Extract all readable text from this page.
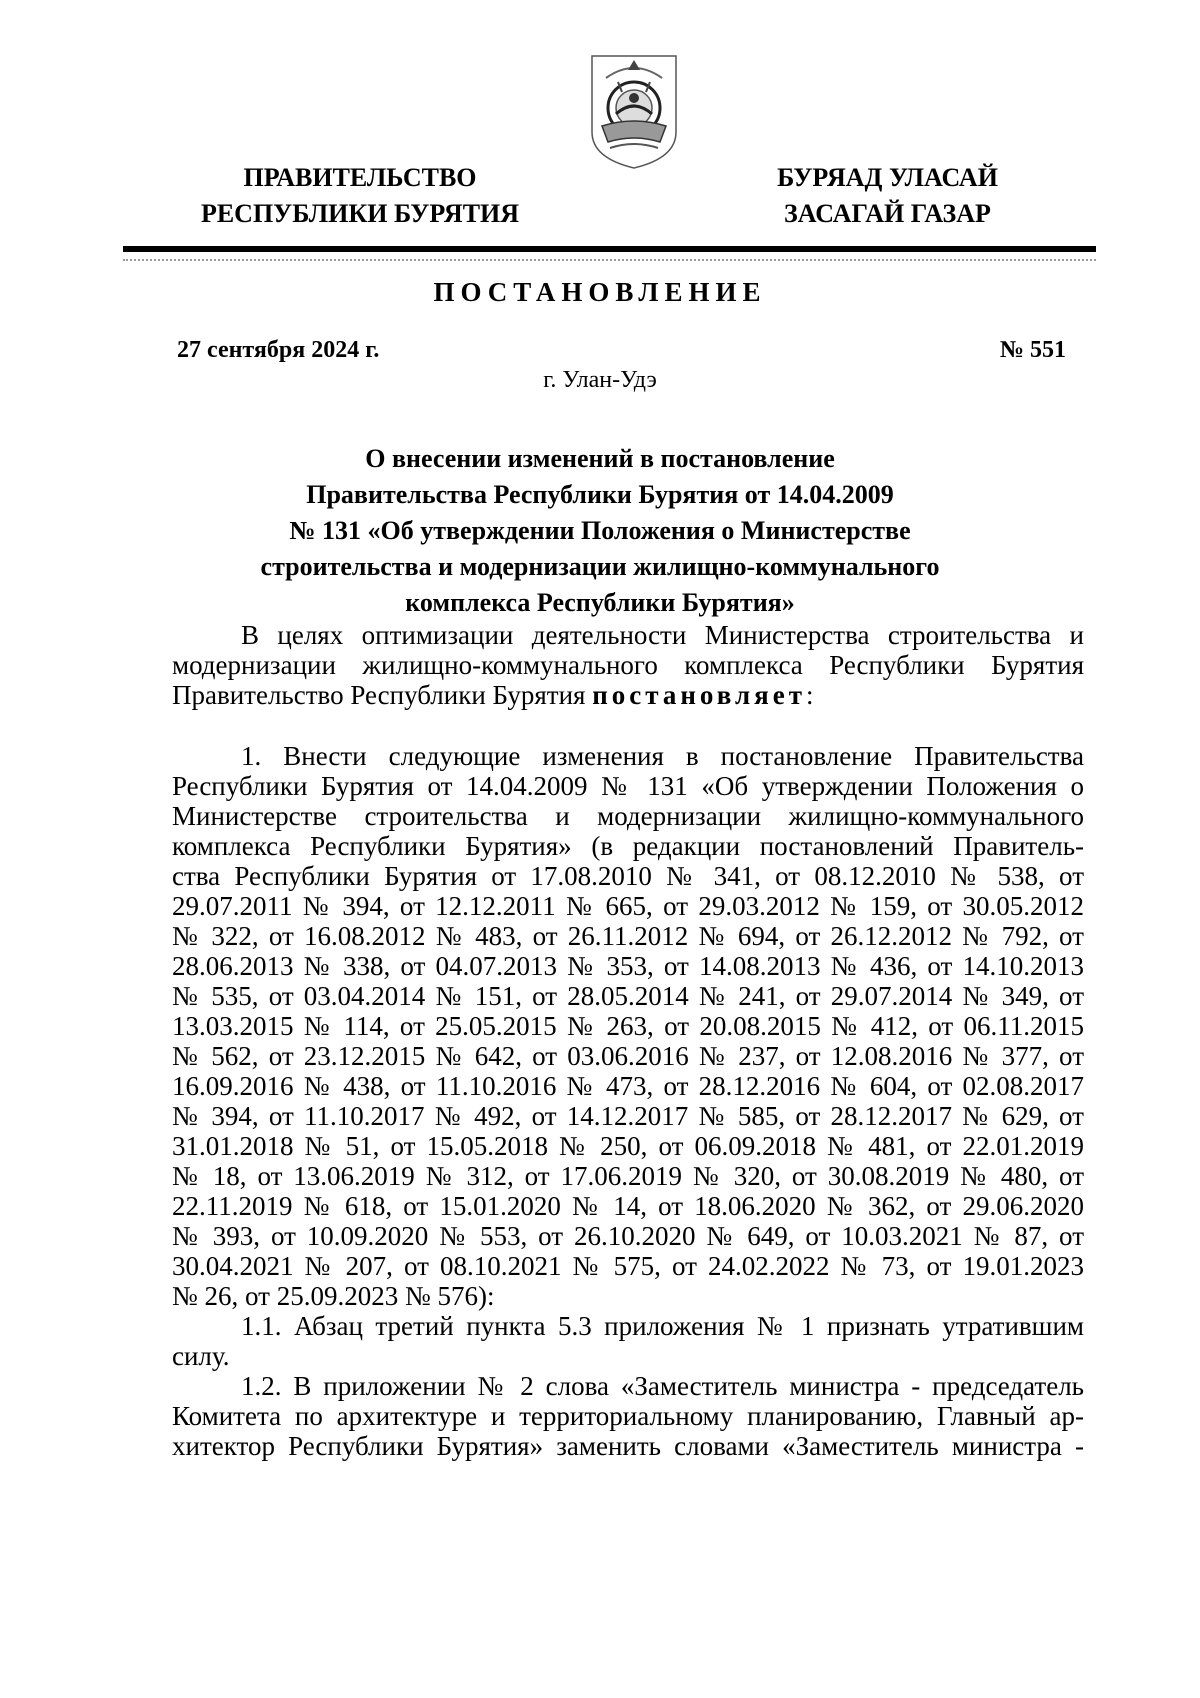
ПРАВИТЕЛЬСТВО
РЕСПУБЛИКИ БУРЯТИЯ
БУРЯАД УЛАСАЙ
ЗАСАГАЙ ГАЗАР
ПОСТАНОВЛЕНИЕ
27 сентября 2024 г.	№ 551
г. Улан-Удэ
О внесении изменений в постановление
Правительства Республики Бурятия от 14.04.2009
№ 131 «Об утверждении Положения о Министерстве
строительства и модернизации жилищно-коммунального
комплекса Республики Бурятия»
В целях оптимизации деятельности Министерства строительства и
модернизации жилищно-коммунального комплекса Республики Бурятия
Правительство Республики Бурятия постановляет:
1. Внести следующие изменения в постановление Правительства
Республики Бурятия от 14.04.2009 № 131 «Об утверждении Положения о
Министерстве строительства и модернизации жилищно-коммунального
комплекса Республики Бурятия» (в редакции постановлений Правитель-
ства Республики Бурятия от 17.08.2010 № 341, от 08.12.2010 № 538, от
29.07.2011 № 394, от 12.12.2011 № 665, от 29.03.2012 № 159, от 30.05.2012
№ 322, от 16.08.2012 № 483, от 26.11.2012 № 694, от 26.12.2012 № 792, от
28.06.2013 № 338, от 04.07.2013 № 353, от 14.08.2013 № 436, от 14.10.2013
№ 535, от 03.04.2014 № 151, от 28.05.2014 № 241, от 29.07.2014 № 349, от
13.03.2015 № 114, от 25.05.2015 № 263, от 20.08.2015 № 412, от 06.11.2015
№ 562, от 23.12.2015 № 642, от 03.06.2016 № 237, от 12.08.2016 № 377, от
16.09.2016 № 438, от 11.10.2016 № 473, от 28.12.2016 № 604, от 02.08.2017
№ 394, от 11.10.2017 № 492, от 14.12.2017 № 585, от 28.12.2017 № 629, от
31.01.2018 № 51, от 15.05.2018 № 250, от 06.09.2018 № 481, от 22.01.2019
№ 18, от 13.06.2019 № 312, от 17.06.2019 № 320, от 30.08.2019 № 480, от
22.11.2019 № 618, от 15.01.2020 № 14, от 18.06.2020 № 362, от 29.06.2020
№ 393, от 10.09.2020 № 553, от 26.10.2020 № 649, от 10.03.2021 № 87, от
30.04.2021 № 207, от 08.10.2021 № 575, от 24.02.2022 № 73, от 19.01.2023
№ 26, от 25.09.2023 № 576):
1.1. Абзац третий пункта 5.3 приложения № 1 признать утратившим
силу.
1.2. В приложении № 2 слова «Заместитель министра - председатель
Комитета по архитектуре и территориальному планированию, Главный ар-
хитектор Республики Бурятия» заменить словами «Заместитель министра -
